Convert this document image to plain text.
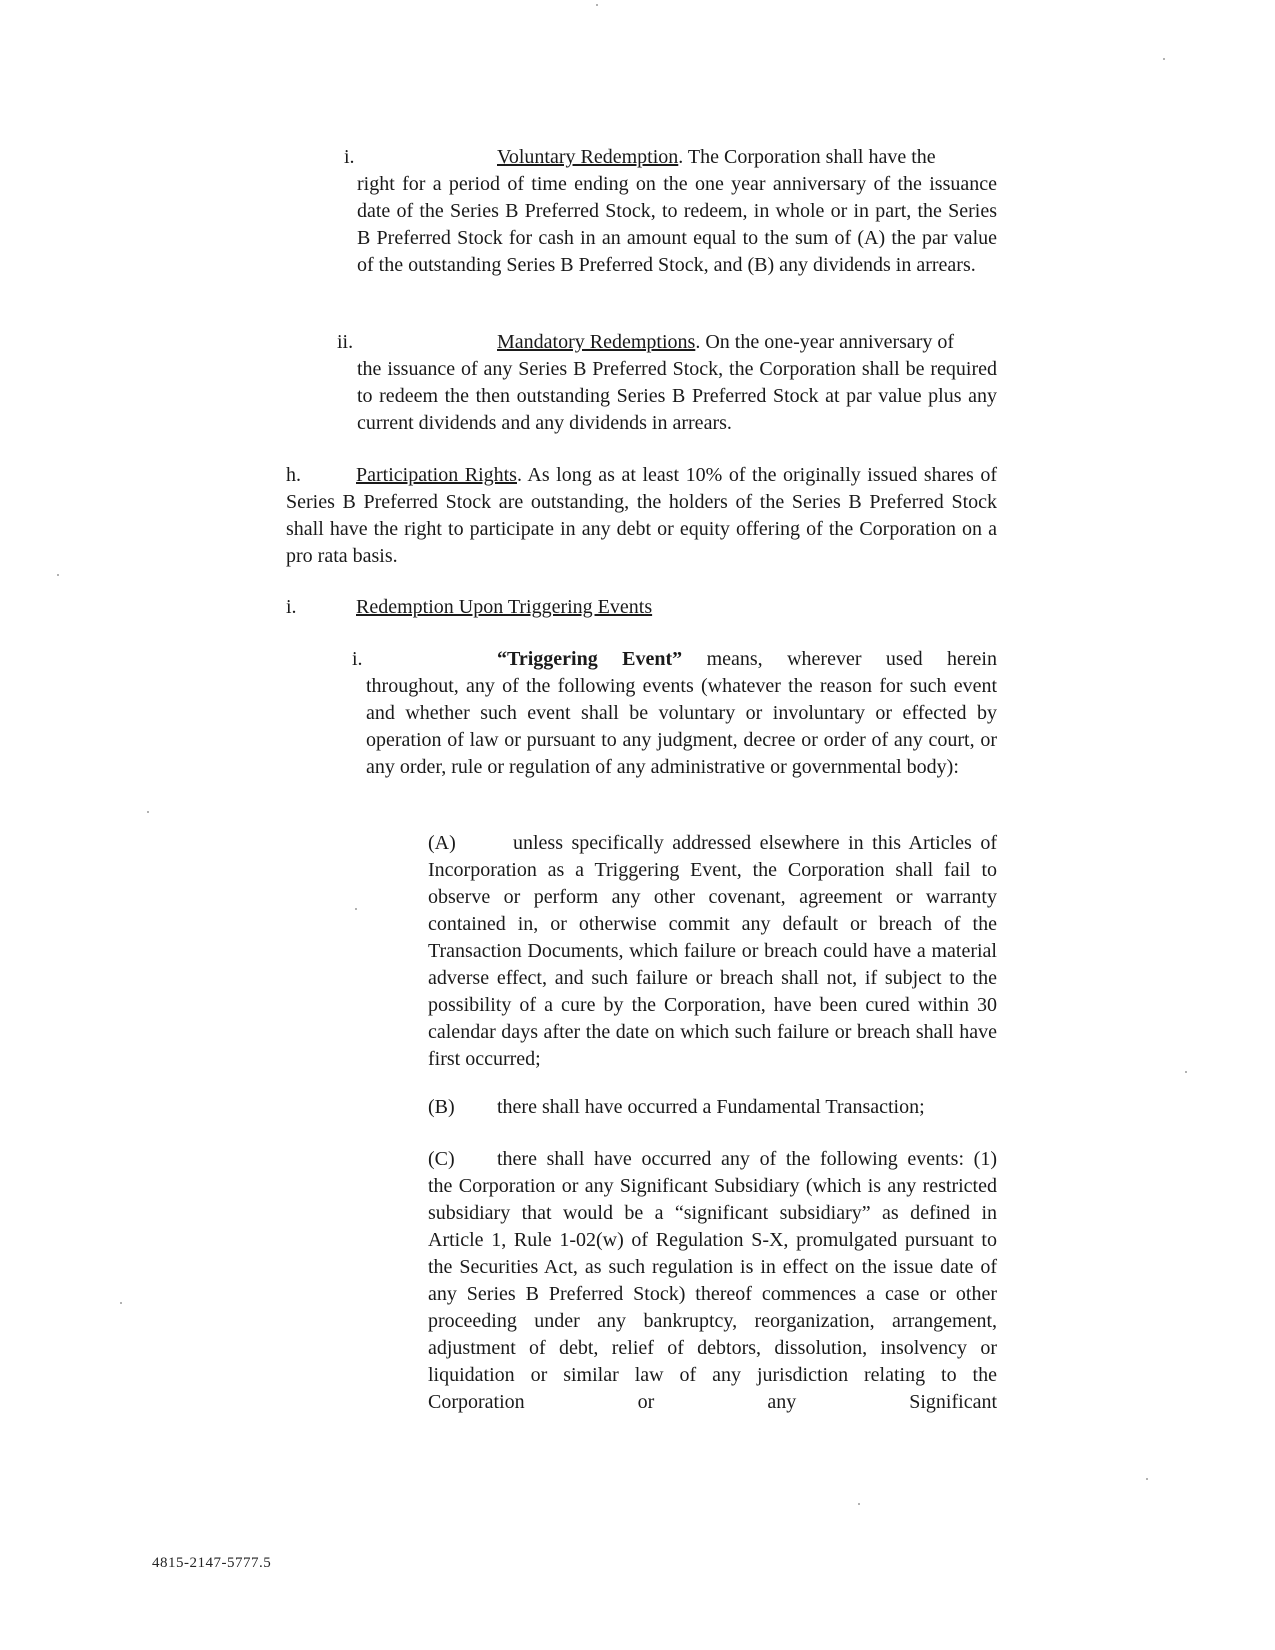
i.	Voluntary Redemption. The Corporation shall have the

right for a period of time ending on the one year anniversary of the issuance date of the Series B Preferred Stock, to redeem, in whole or in part, the Series B Preferred Stock for cash in an amount equal to the sum of (A) the par value of the outstanding Series B Preferred Stock, and (B) any dividends in arrears.

ii.	Mandatory Redemptions. On the one-year anniversary of

the issuance of any Series B Preferred Stock, the Corporation shall be required to redeem the then outstanding Series B Preferred Stock at par value plus any current dividends and any dividends in arrears.

h.	Participation Rights. As long as at least 10% of the originally issued shares of Series B Preferred Stock are outstanding, the holders of the Series B Preferred Stock shall have the right to participate in any debt or equity offering of the Corporation on a pro rata basis.

i.	Redemption Upon Triggering Events
i.	“Triggering Event” means, wherever used herein

throughout, any of the following events (whatever the reason for such event and whether such event shall be voluntary or involuntary or effected by operation of law or pursuant to any judgment, decree or order of any court, or any order, rule or regulation of any administrative or governmental body):

(A)	unless specifically addressed elsewhere in this Articles of

Incorporation as a Triggering Event, the Corporation shall fail to observe or perform any other covenant, agreement or warranty contained in, or otherwise commit any default or breach of the Transaction Documents, which failure or breach could have a material adverse effect, and such failure or breach shall not, if subject to the possibility of a cure by the Corporation, have been cured within 30 calendar days after the date on which such failure or breach shall have first occurred;

(B) there shall have occurred a Fundamental Transaction;
(C) there shall have occurred any of the following events: (1)

the Corporation or any Significant Subsidiary (which is any restricted subsidiary that would be a “significant subsidiary” as defined in Article 1, Rule 1-02(w) of Regulation S-X, promulgated pursuant to the Securities Act, as such regulation is in effect on the issue date of any Series B Preferred Stock) thereof commences a case or other proceeding under any bankruptcy, reorganization, arrangement, adjustment of debt, relief of debtors, dissolution, insolvency or liquidation or similar law of any jurisdiction relating to the Corporation or any Significant

4815-2147-5777.5
